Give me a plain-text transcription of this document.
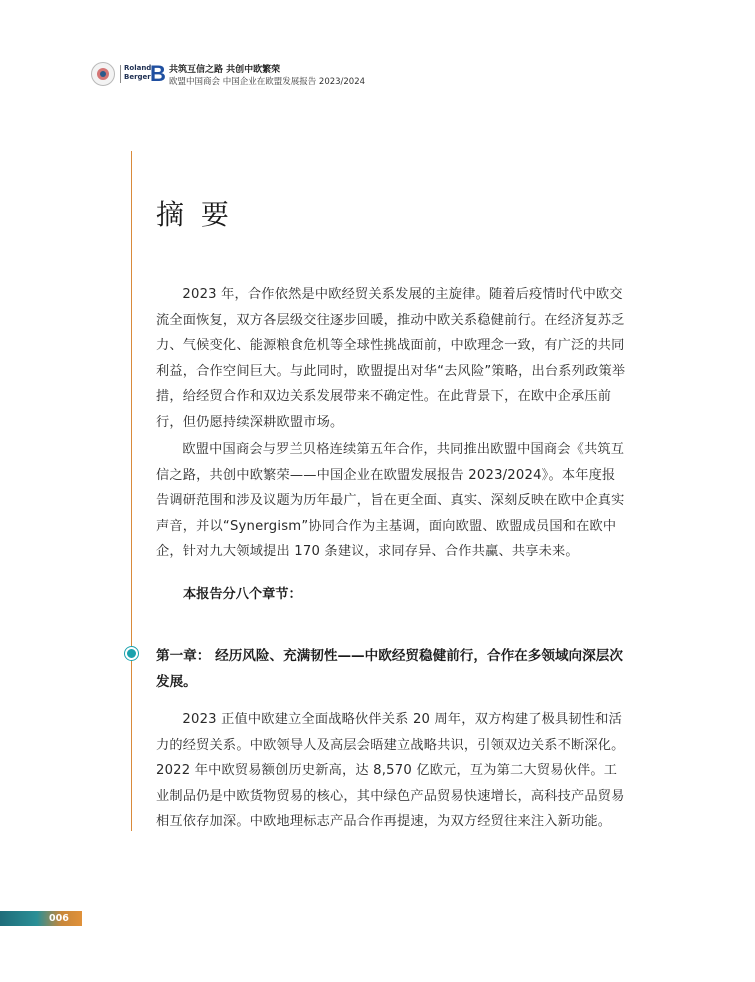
Roland
Berger B 共筑互信之路 共创中欧繁荣
欧盟中国商会 中国企业在欧盟发展报告 2023/2024
摘 要

2023 年，合作依然是中欧经贸关系发展的主旋律。随着后疫情时代中欧交流全面恢复，双方各层级交往逐步回暖，推动中欧关系稳健前行。在经济复苏乏力、气候变化、能源粮食危机等全球性挑战面前，中欧理念一致，有广泛的共同利益，合作空间巨大。与此同时，欧盟提出对华“去风险”策略，出台系列政策举措，给经贸合作和双边关系发展带来不确定性。在此背景下，在欧中企承压前行，但仍愿持续深耕欧盟市场。

欧盟中国商会与罗兰贝格连续第五年合作，共同推出欧盟中国商会《共筑互信之路，共创中欧繁荣——中国企业在欧盟发展报告 2023/2024》。本年度报告调研范围和涉及议题为历年最广，旨在更全面、真实、深刻反映在欧中企真实声音，并以“Synergism”协同合作为主基调，面向欧盟、欧盟成员国和在欧中企，针对九大领域提出 170 条建议，求同存异、合作共赢、共享未来。

本报告分八个章节：
第一章： 经历风险、充满韧性——中欧经贸稳健前行，合作在多领域向深层次发展。

2023 正值中欧建立全面战略伙伴关系 20 周年，双方构建了极具韧性和活力的经贸关系。中欧领导人及高层会晤建立战略共识，引领双边关系不断深化。2022 年中欧贸易额创历史新高，达 8,570 亿欧元，互为第二大贸易伙伴。工业制品仍是中欧货物贸易的核心，其中绿色产品贸易快速增长，高科技产品贸易相互依存加深。中欧地理标志产品合作再提速，为双方经贸往来注入新功能。

006
